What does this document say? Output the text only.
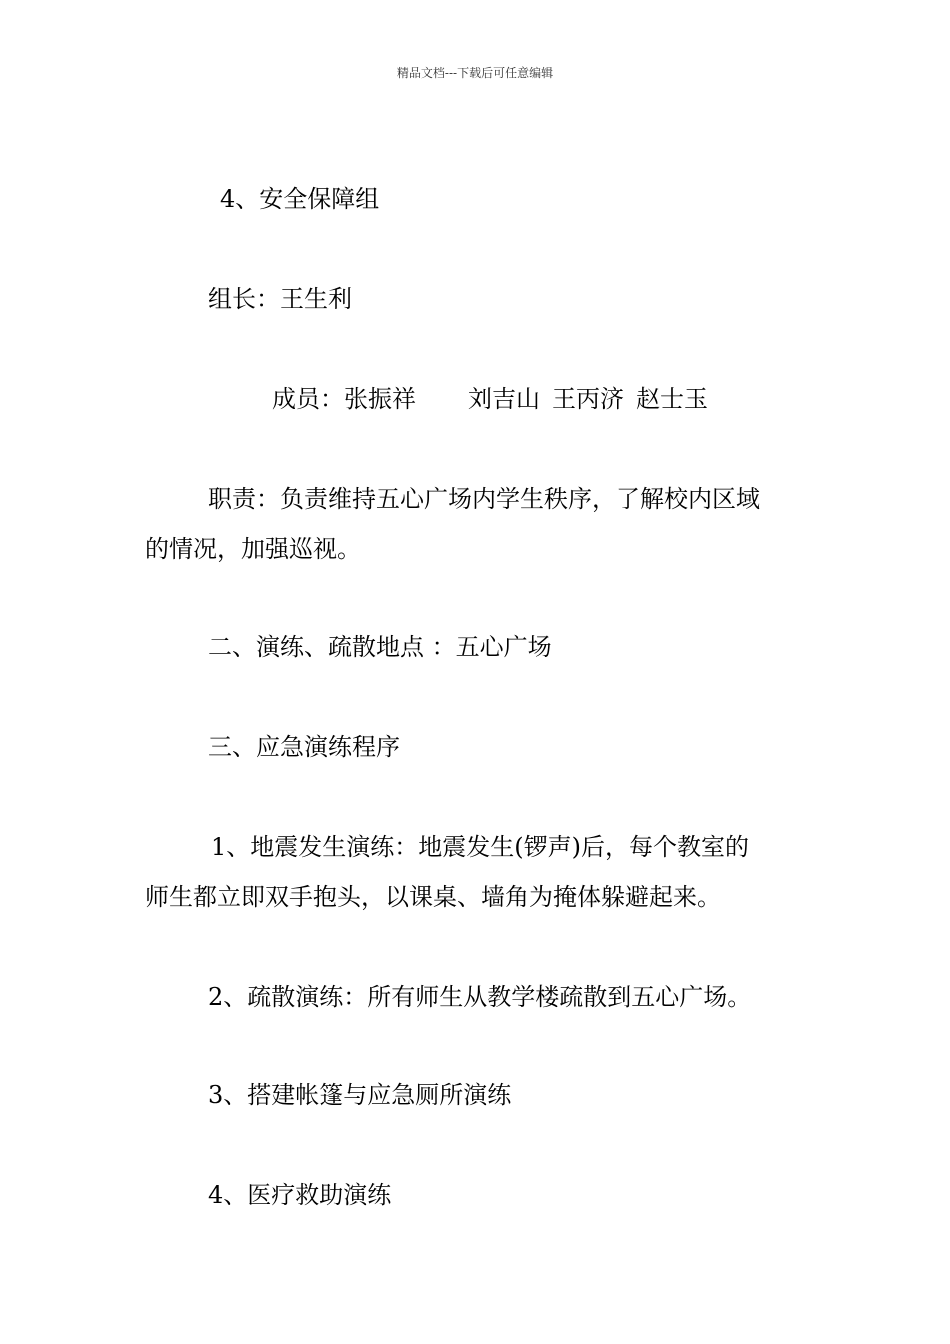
精品文档---下载后可任意编辑
4、安全保障组
组长：王生利
成员：张振祥 刘吉山 王丙济 赵士玉
职责：负责维持五心广场内学生秩序，了解校内区域
的情况，加强巡视。
二、演练、疏散地点 ：五心广场
三、应急演练程序
1、地震发生演练：地震发生(锣声)后，每个教室的
师生都立即双手抱头，以课桌、墙角为掩体躲避起来。
2、疏散演练：所有师生从教学楼疏散到五心广场。
3、搭建帐篷与应急厕所演练
4、医疗救助演练
